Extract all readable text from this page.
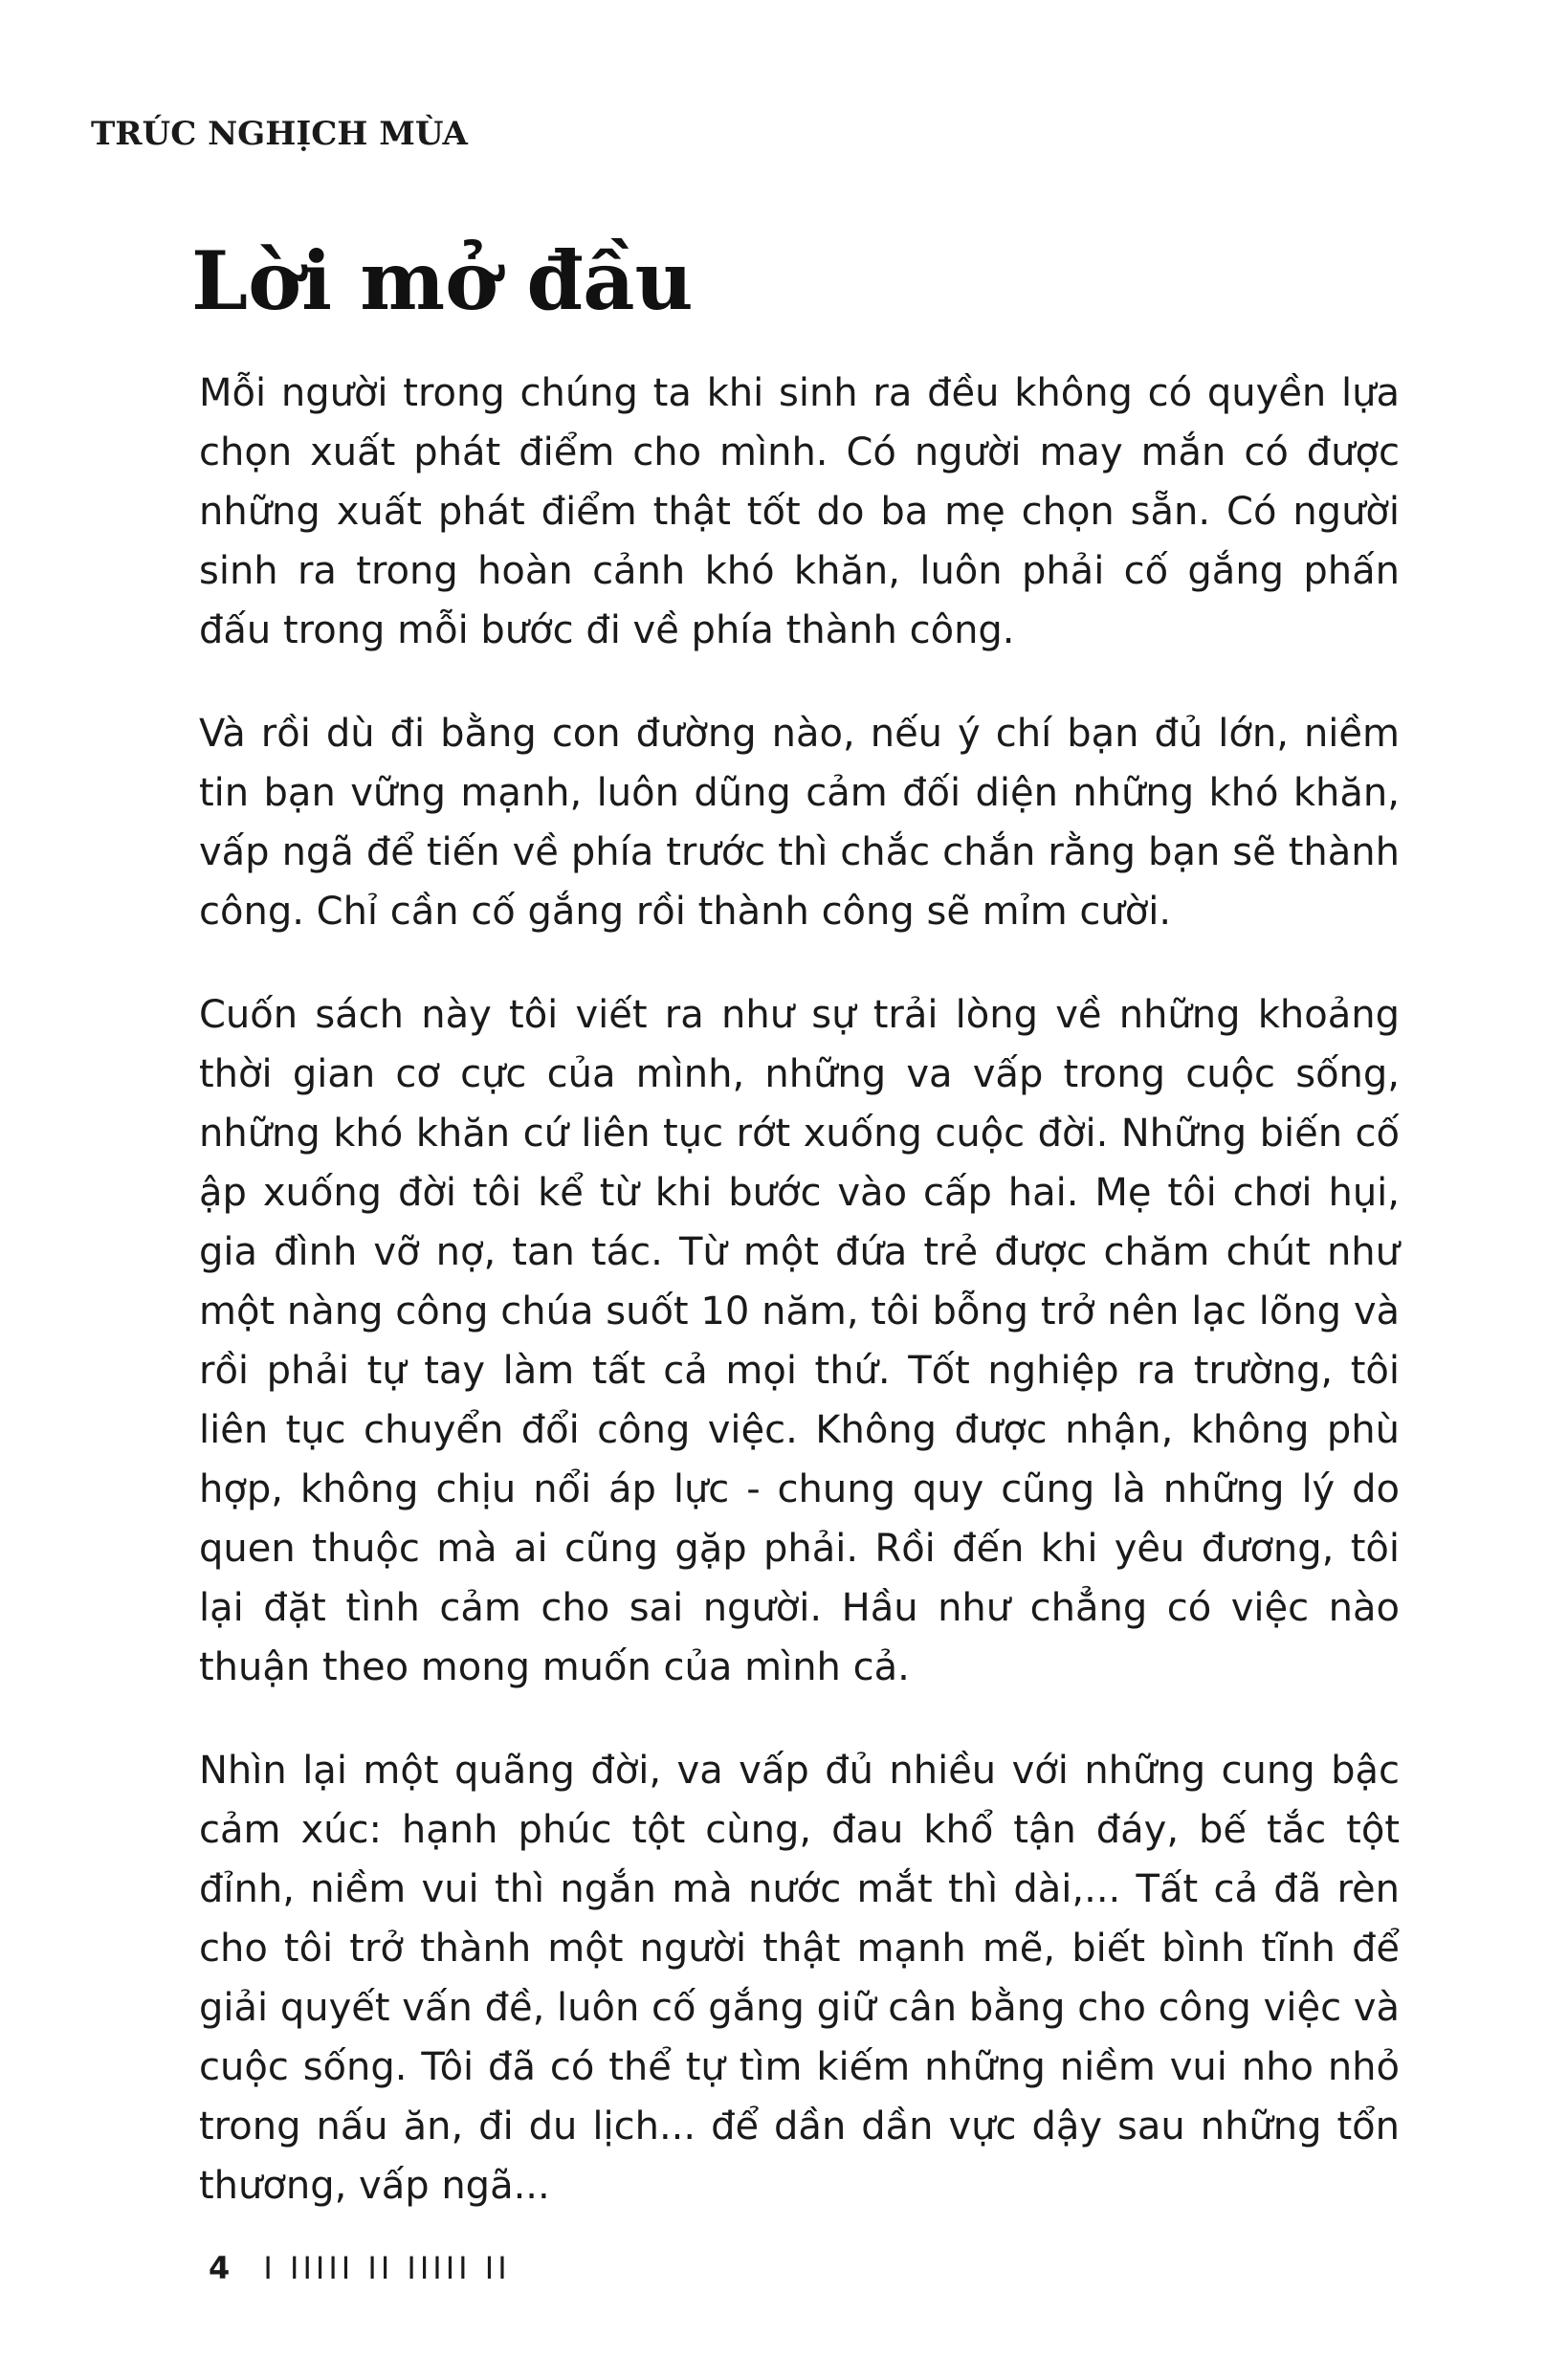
TRÚC NGHỊCH MÙA
Lời mở đầu

Mỗi người trong chúng ta khi sinh ra đều không có quyền lựa chọn xuất phát điểm cho mình. Có người may mắn có được những xuất phát điểm thật tốt do ba mẹ chọn sẵn. Có người sinh ra trong hoàn cảnh khó khăn, luôn phải cố gắng phấn đấu trong mỗi bước đi về phía thành công.

Và rồi dù đi bằng con đường nào, nếu ý chí bạn đủ lớn, niềm tin bạn vững mạnh, luôn dũng cảm đối diện những khó khăn, vấp ngã để tiến về phía trước thì chắc chắn rằng bạn sẽ thành công. Chỉ cần cố gắng rồi thành công sẽ mỉm cười.

Cuốn sách này tôi viết ra như sự trải lòng về những khoảng thời gian cơ cực của mình, những va vấp trong cuộc sống, những khó khăn cứ liên tục rớt xuống cuộc đời. Những biến cố ập xuống đời tôi kể từ khi bước vào cấp hai. Mẹ tôi chơi hụi, gia đình vỡ nợ, tan tác. Từ một đứa trẻ được chăm chút như một nàng công chúa suốt 10 năm, tôi bỗng trở nên lạc lõng và rồi phải tự tay làm tất cả mọi thứ. Tốt nghiệp ra trường, tôi liên tục chuyển đổi công việc. Không được nhận, không phù hợp, không chịu nổi áp lực - chung quy cũng là những lý do quen thuộc mà ai cũng gặp phải. Rồi đến khi yêu đương, tôi lại đặt tình cảm cho sai người. Hầu như chẳng có việc nào thuận theo mong muốn của mình cả.

Nhìn lại một quãng đời, va vấp đủ nhiều với những cung bậc cảm xúc: hạnh phúc tột cùng, đau khổ tận đáy, bế tắc tột đỉnh, niềm vui thì ngắn mà nước mắt thì dài,... Tất cả đã rèn cho tôi trở thành một người thật mạnh mẽ, biết bình tĩnh để giải quyết vấn đề, luôn cố gắng giữ cân bằng cho công việc và cuộc sống. Tôi đã có thể tự tìm kiếm những niềm vui nho nhỏ trong nấu ăn, đi du lịch... để dần dần vực dậy sau những tổn thương, vấp ngã...

4 I IIIII II IIIII II
